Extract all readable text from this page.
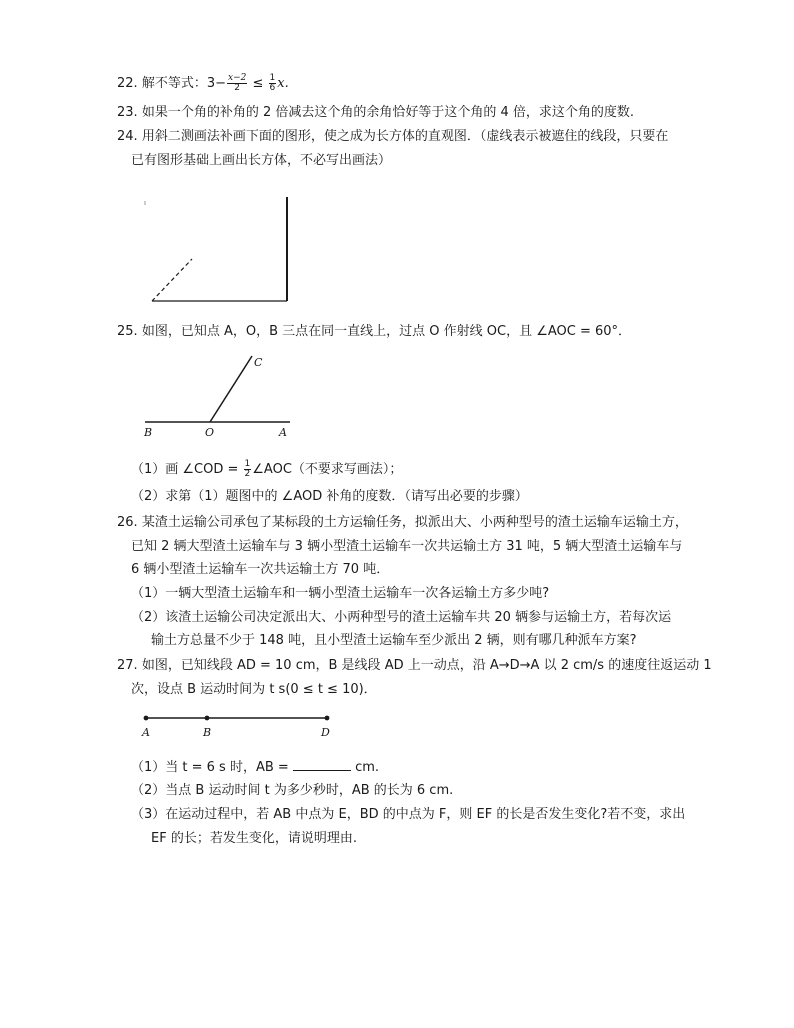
22. 解不等式：$3- \frac{x-2}{2} \le \frac{1}{6} x$.
23. 如果一个角的补角的 2 倍减去这个角的余角恰好等于这个角的 4 倍，求这个角的度数.
24. 用斜二测画法补画下面的图形，使之成为长方体的直观图．（虚线表示被遮住的线段，只要在
已有图形基础上画出长方体，不必写出画法）
25. 如图，已知点 A，O，B 三点在同一直线上，过点 O 作射线 OC，且 ∠AOC = 60°．
C
B	O	A
（1）画 ∠COD = $\frac{1}{2}$ ∠AOC（不要求写画法）；
（2）求第（1）题图中的 ∠AOD 补角的度数．（请写出必要的步骤）
26. 某渣土运输公司承包了某标段的土方运输任务，拟派出大、小两种型号的渣土运输车运输土方，
已知 2 辆大型渣土运输车与 3 辆小型渣土运输车一次共运输土方 31 吨，5 辆大型渣土运输车与
6 辆小型渣土运输车一次共运输土方 70 吨．
（1）一辆大型渣土运输车和一辆小型渣土运输车一次各运输土方多少吨?
（2）该渣土运输公司决定派出大、小两种型号的渣土运输车共 20 辆参与运输土方，若每次运
输土方总量不少于 148 吨，且小型渣土运输车至少派出 2 辆，则有哪几种派车方案?
27. 如图，已知线段 AD = 10 cm，B 是线段 AD 上一动点，沿 A→D→A 以 2 cm/s 的速度往返运动 1
次，设点 B 运动时间为 t s(0 ≤ t ≤ 10)．
A	B	D
（1）当 t = 6 s 时，AB =	cm.
（2）当点 B 运动时间 t 为多少秒时，AB 的长为 6 cm.
（3）在运动过程中，若 AB 中点为 E，BD 的中点为 F，则 EF 的长是否发生变化?若不变，求出
EF 的长；若发生变化，请说明理由.
